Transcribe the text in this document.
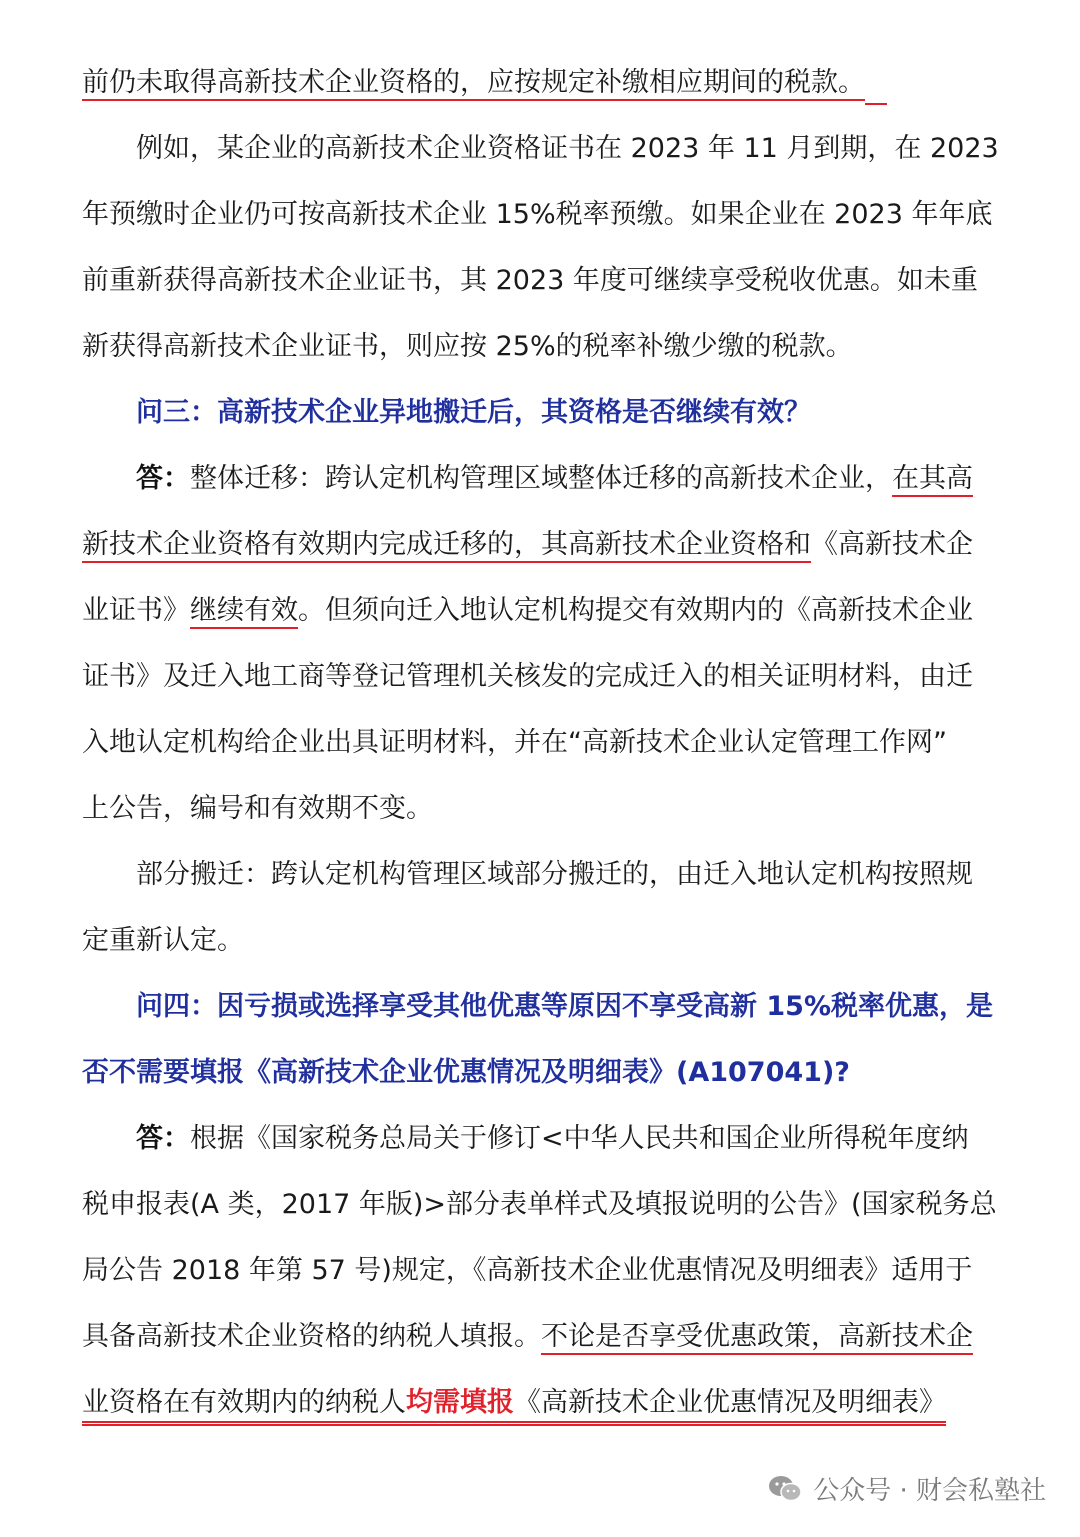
前仍未取得高新技术企业资格的，应按规定补缴相应期间的税款。
例如，某企业的高新技术企业资格证书在 2023 年 11 月到期，在 2023
年预缴时企业仍可按高新技术企业 15%税率预缴。如果企业在 2023 年年底
前重新获得高新技术企业证书，其 2023 年度可继续享受税收优惠。如未重
新获得高新技术企业证书，则应按 25%的税率补缴少缴的税款。
问三：高新技术企业异地搬迁后，其资格是否继续有效？
答：整体迁移：跨认定机构管理区域整体迁移的高新技术企业，在其高
新技术企业资格有效期内完成迁移的，其高新技术企业资格和《高新技术企
业证书》继续有效。但须向迁入地认定机构提交有效期内的《高新技术企业
证书》及迁入地工商等登记管理机关核发的完成迁入的相关证明材料，由迁
入地认定机构给企业出具证明材料，并在“高新技术企业认定管理工作网”
上公告，编号和有效期不变。
部分搬迁：跨认定机构管理区域部分搬迁的，由迁入地认定机构按照规
定重新认定。
问四：因亏损或选择享受其他优惠等原因不享受高新 15%税率优惠，是
否不需要填报《高新技术企业优惠情况及明细表》(A107041)?
答：根据《国家税务总局关于修订<中华人民共和国企业所得税年度纳
税申报表(A 类，2017 年版)>部分表单样式及填报说明的公告》(国家税务总
局公告 2018 年第 57 号)规定，《高新技术企业优惠情况及明细表》适用于
具备高新技术企业资格的纳税人填报。不论是否享受优惠政策，高新技术企
业资格在有效期内的纳税人均需填报《高新技术企业优惠情况及明细表》
公众号 · 财会私塾社
